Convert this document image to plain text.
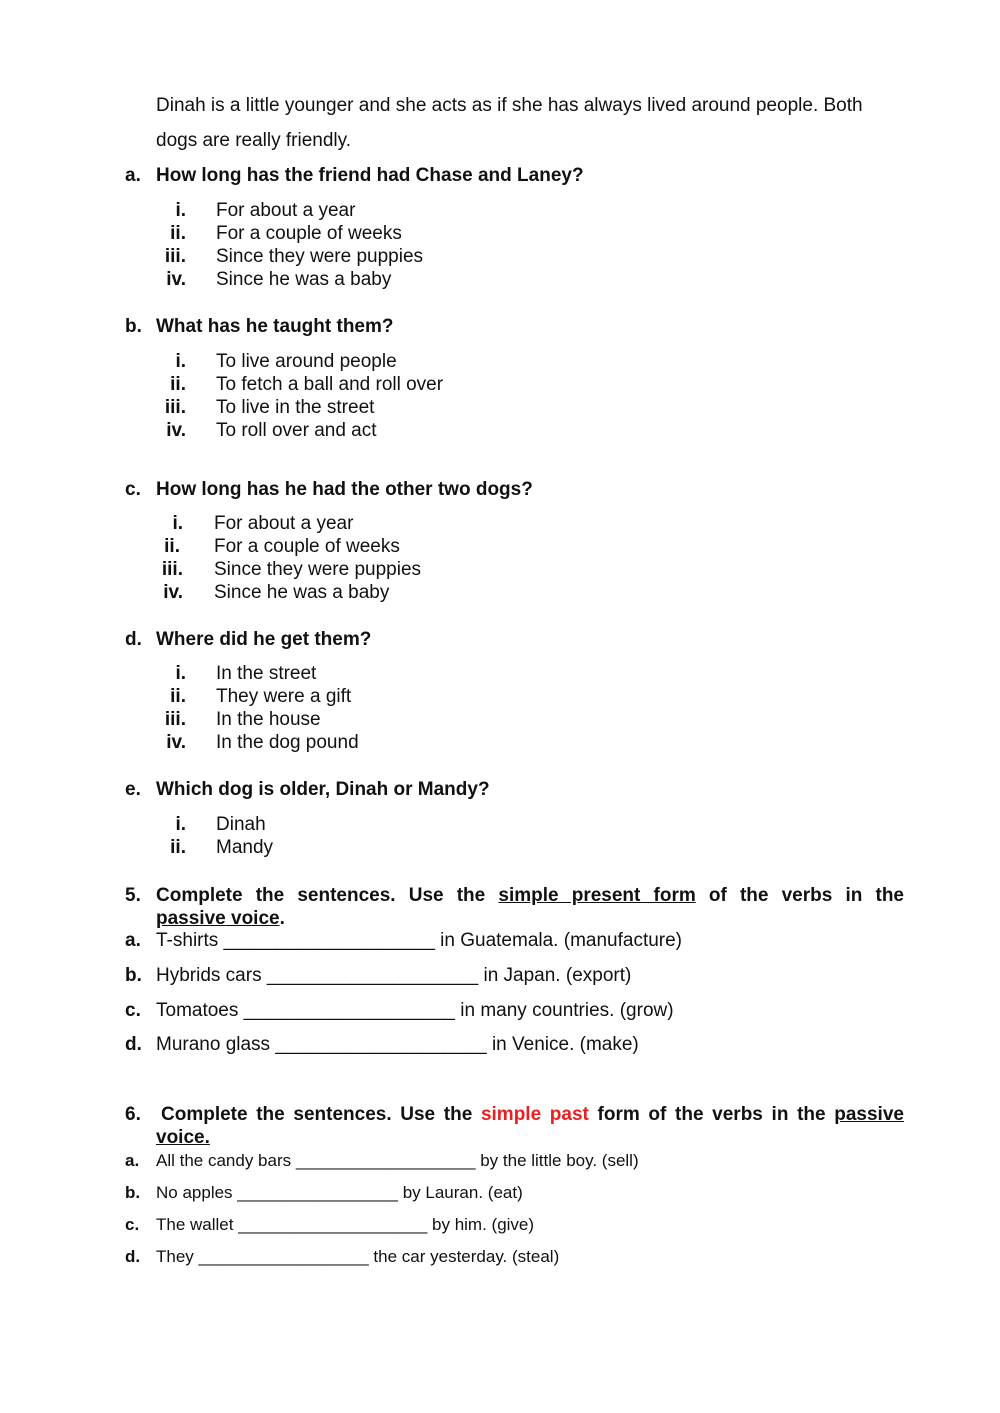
Dinah is a little younger and she acts as if she has always lived around people. Both
dogs are really friendly.
a. How long has the friend had Chase and Laney?
i. For about a year
ii. For a couple of weeks
iii. Since they were puppies
iv. Since he was a baby
b. What has he taught them?
i. To live around people
ii. To fetch a ball and roll over
iii. To live in the street
iv. To roll over and act
c. How long has he had the other two dogs?
i. For about a year
ii. For a couple of weeks
iii. Since they were puppies
iv. Since he was a baby
d. Where did he get them?
i. In the street
ii. They were a gift
iii. In the house
iv. In the dog pound
e. Which dog is older, Dinah or Mandy?
i. Dinah
ii. Mandy
5. Complete the sentences. Use the simple present form of the verbs in the
passive voice.
a. T-shirts ____________________ in Guatemala. (manufacture)
b. Hybrids cars ____________________ in Japan. (export)
c. Tomatoes ____________________ in many countries. (grow)
d. Murano glass ____________________ in Venice. (make)
6.	Complete the sentences. Use the simple past form of the verbs in the passive
voice.
a. All the candy bars ___________________ by the little boy. (sell)
b. No apples _________________ by Lauran. (eat)
c. The wallet ____________________ by him. (give)
d. They __________________ the car yesterday. (steal)
